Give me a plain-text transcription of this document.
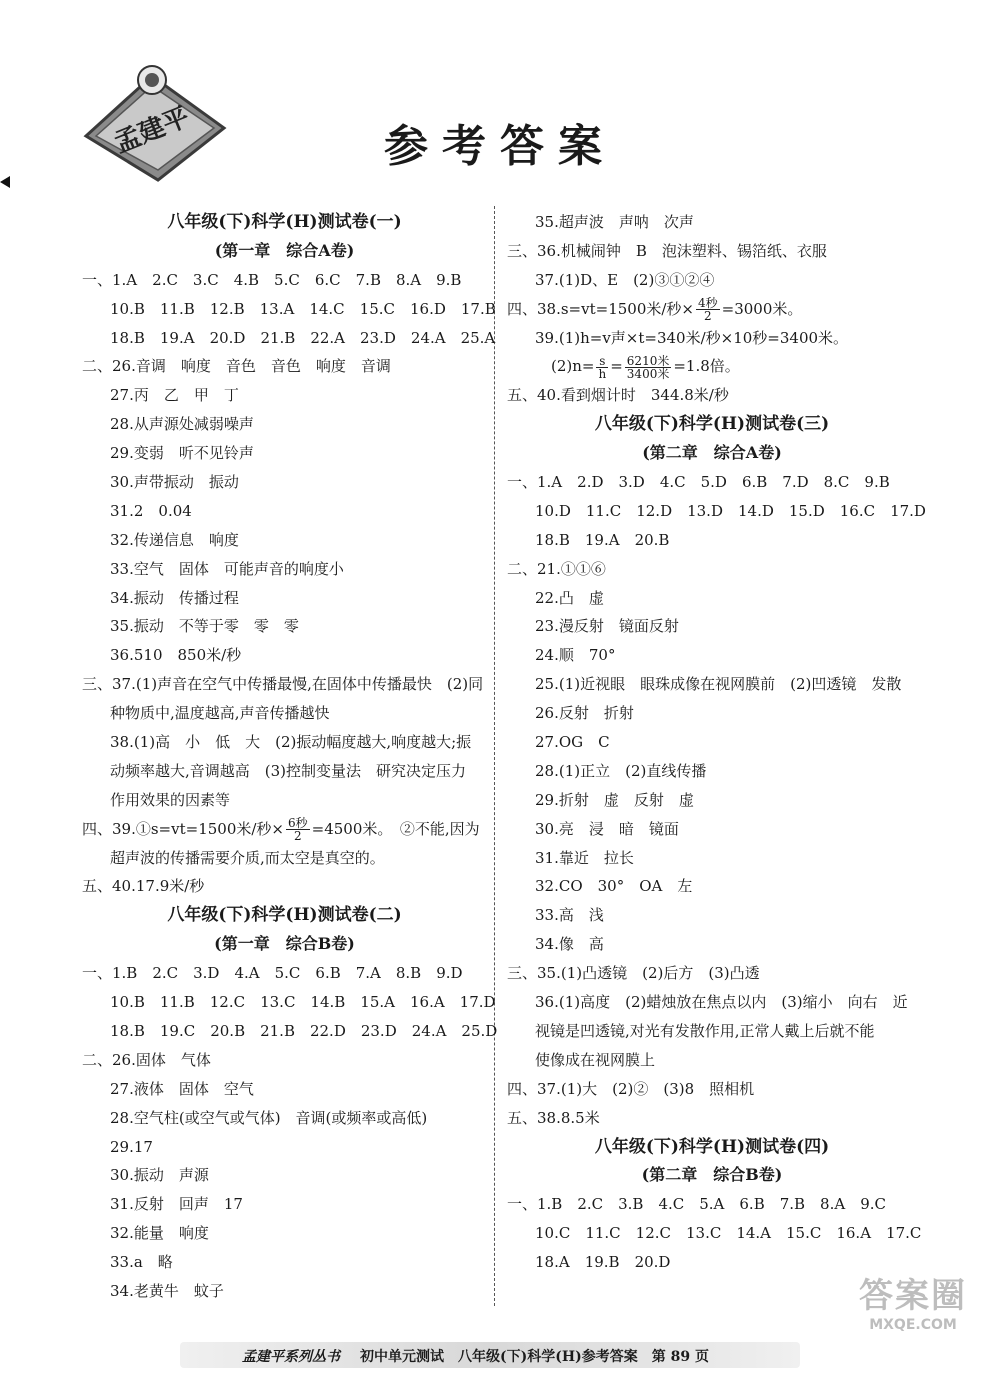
孟建平	参考答案
八年级(下)科学(H)测试卷(一)
(第一章　综合A卷)
一、1.A　2.C　3.C　4.B　5.C　6.C　7.B　8.A　9.B
10.B　11.B　12.B　13.A　14.C　15.C　16.D　17.B
18.B　19.A　20.D　21.B　22.A　23.D　24.A　25.A
二、26.音调　响度　音色　音色　响度　音调
27.丙　乙　甲　丁
28.从声源处减弱噪声
29.变弱　听不见铃声
30.声带振动　振动
31.2　0.04
32.传递信息　响度
33.空气　固体　可能声音的响度小
34.振动　传播过程
35.振动　不等于零　零　零
36.510　850米/秒
三、37.(1)声音在空气中传播最慢,在固体中传播最快　(2)同
种物质中,温度越高,声音传播越快
38.(1)高　小　低　大　(2)振动幅度越大,响度越大;振
动频率越大,音调越高　(3)控制变量法　研究决定压力
作用效果的因素等
四、39.①s=vt=1500米/秒× $\frac{\text{6秒}}{2} =4500$米。　②不能,因为
超声波的传播需要介质,而太空是真空的。
五、40.17.9米/秒
八年级(下)科学(H)测试卷(二)
(第一章　综合B卷)
一、1.B　2.C　3.D　4.A　5.C　6.B　7.A　8.B　9.D
10.B　11.B　12.C　13.C　14.B　15.A　16.A　17.D
18.B　19.C　20.B　21.B　22.D　23.D　24.A　25.D
二、26.固体　气体
27.液体　固体　空气
28.空气柱(或空气或气体)　音调(或频率或高低)
29.17
30.振动　声源
31.反射　回声　17
32.能量　响度
33.a　略
34.老黄牛　蚊子
35.超声波　声呐　次声
三、36.机械闹钟　B　泡沫塑料、锡箔纸、衣服
37.(1)D、E　(2)③①②④
四、38.s=vt=1500米/秒× $\frac{\text{4秒}}{2} =3000$米。
39.(1)h=v声×t=340米/秒×10秒=3400米。
$(2)n= \frac{s}{h} = \frac{\text{6210米}}{\text{3400米}} =1.8$倍。
五、40.看到烟计时　344.8米/秒
八年级(下)科学(H)测试卷(三)
(第二章　综合A卷)
一、1.A　2.D　3.D　4.C　5.D　6.B　7.D　8.C　9.B
10.D　11.C　12.D　13.D　14.D　15.D　16.C　17.D
18.B　19.A　20.B
二、21.①①⑥
22.凸　虚
23.漫反射　镜面反射
24.顺　70°
25.(1)近视眼　眼珠成像在视网膜前　(2)凹透镜　发散
26.反射　折射
27.OG　C
28.(1)正立　(2)直线传播
29.折射　虚　反射　虚
30.亮　浸　暗　镜面
31.靠近　拉长
32.CO　30°　OA　左
33.高　浅
34.像　高
三、35.(1)凸透镜　(2)后方　(3)凸透
36.(1)高度　(2)蜡烛放在焦点以内　(3)缩小　向右　近
视镜是凹透镜,对光有发散作用,正常人戴上后就不能
使像成在视网膜上
四、37.(1)大　(2)②　(3)8　照相机
五、38.8.5米
八年级(下)科学(H)测试卷(四)
(第二章　综合B卷)
一、1.B　2.C　3.B　4.C　5.A　6.B　7.B　8.A　9.C
10.C　11.C　12.C　13.C　14.A　15.C　16.A　17.C
18.A　19.B　20.D
孟建平系列丛书 初中单元测试　八年级(下)科学(H)参考答案　第 89 页
答案圈
MXQE.COM
